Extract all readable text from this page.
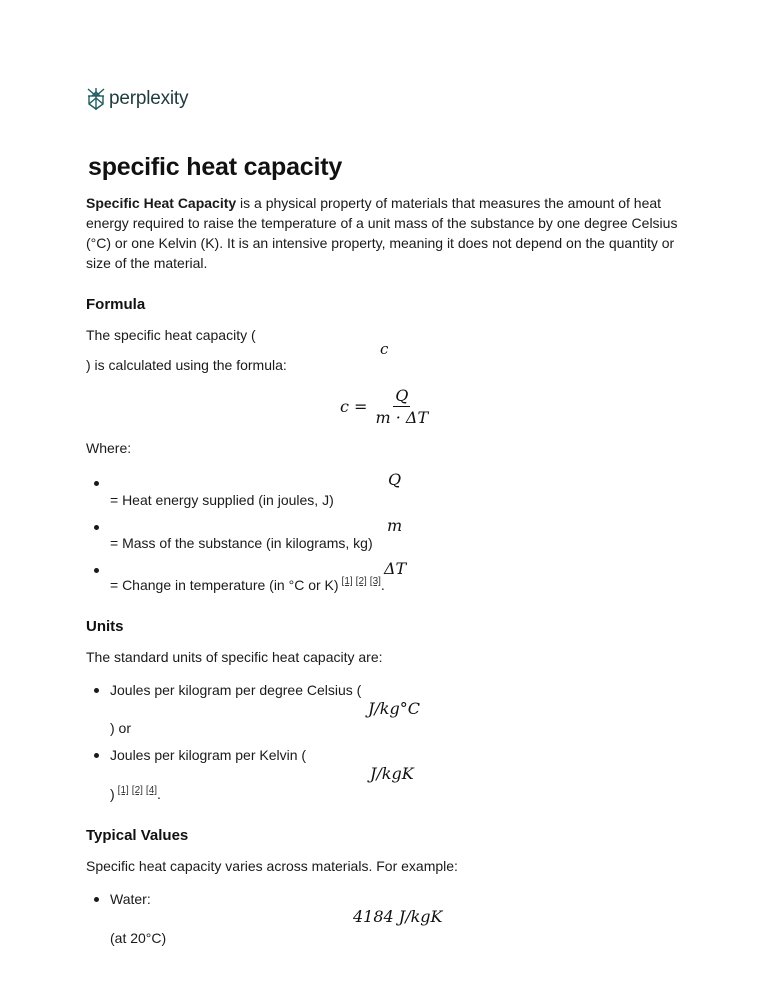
perplexity
specific heat capacity
Specific Heat Capacity is a physical property of materials that measures the amount of heat
energy required to raise the temperature of a unit mass of the substance by one degree Celsius
(°C) or one Kelvin (K). It is an intensive property, meaning it does not depend on the quantity or
size of the material.
Formula
The specific heat capacity (
c
) is calculated using the formula:
$c = \frac{Q}{m \cdot \Delta T}$
Where:
Q
= Heat energy supplied (in joules, J)
m
= Mass of the substance (in kilograms, kg)
ΔT
= Change in temperature (in °C or K) [1] [2] [3].
Units
The standard units of specific heat capacity are:
Joules per kilogram per degree Celsius (
J/kg°C
) or
Joules per kilogram per Kelvin (
J/kgK
) [1] [2] [4].
Typical Values
Specific heat capacity varies across materials. For example:
Water:
4184 J/kgK
(at 20°C)
